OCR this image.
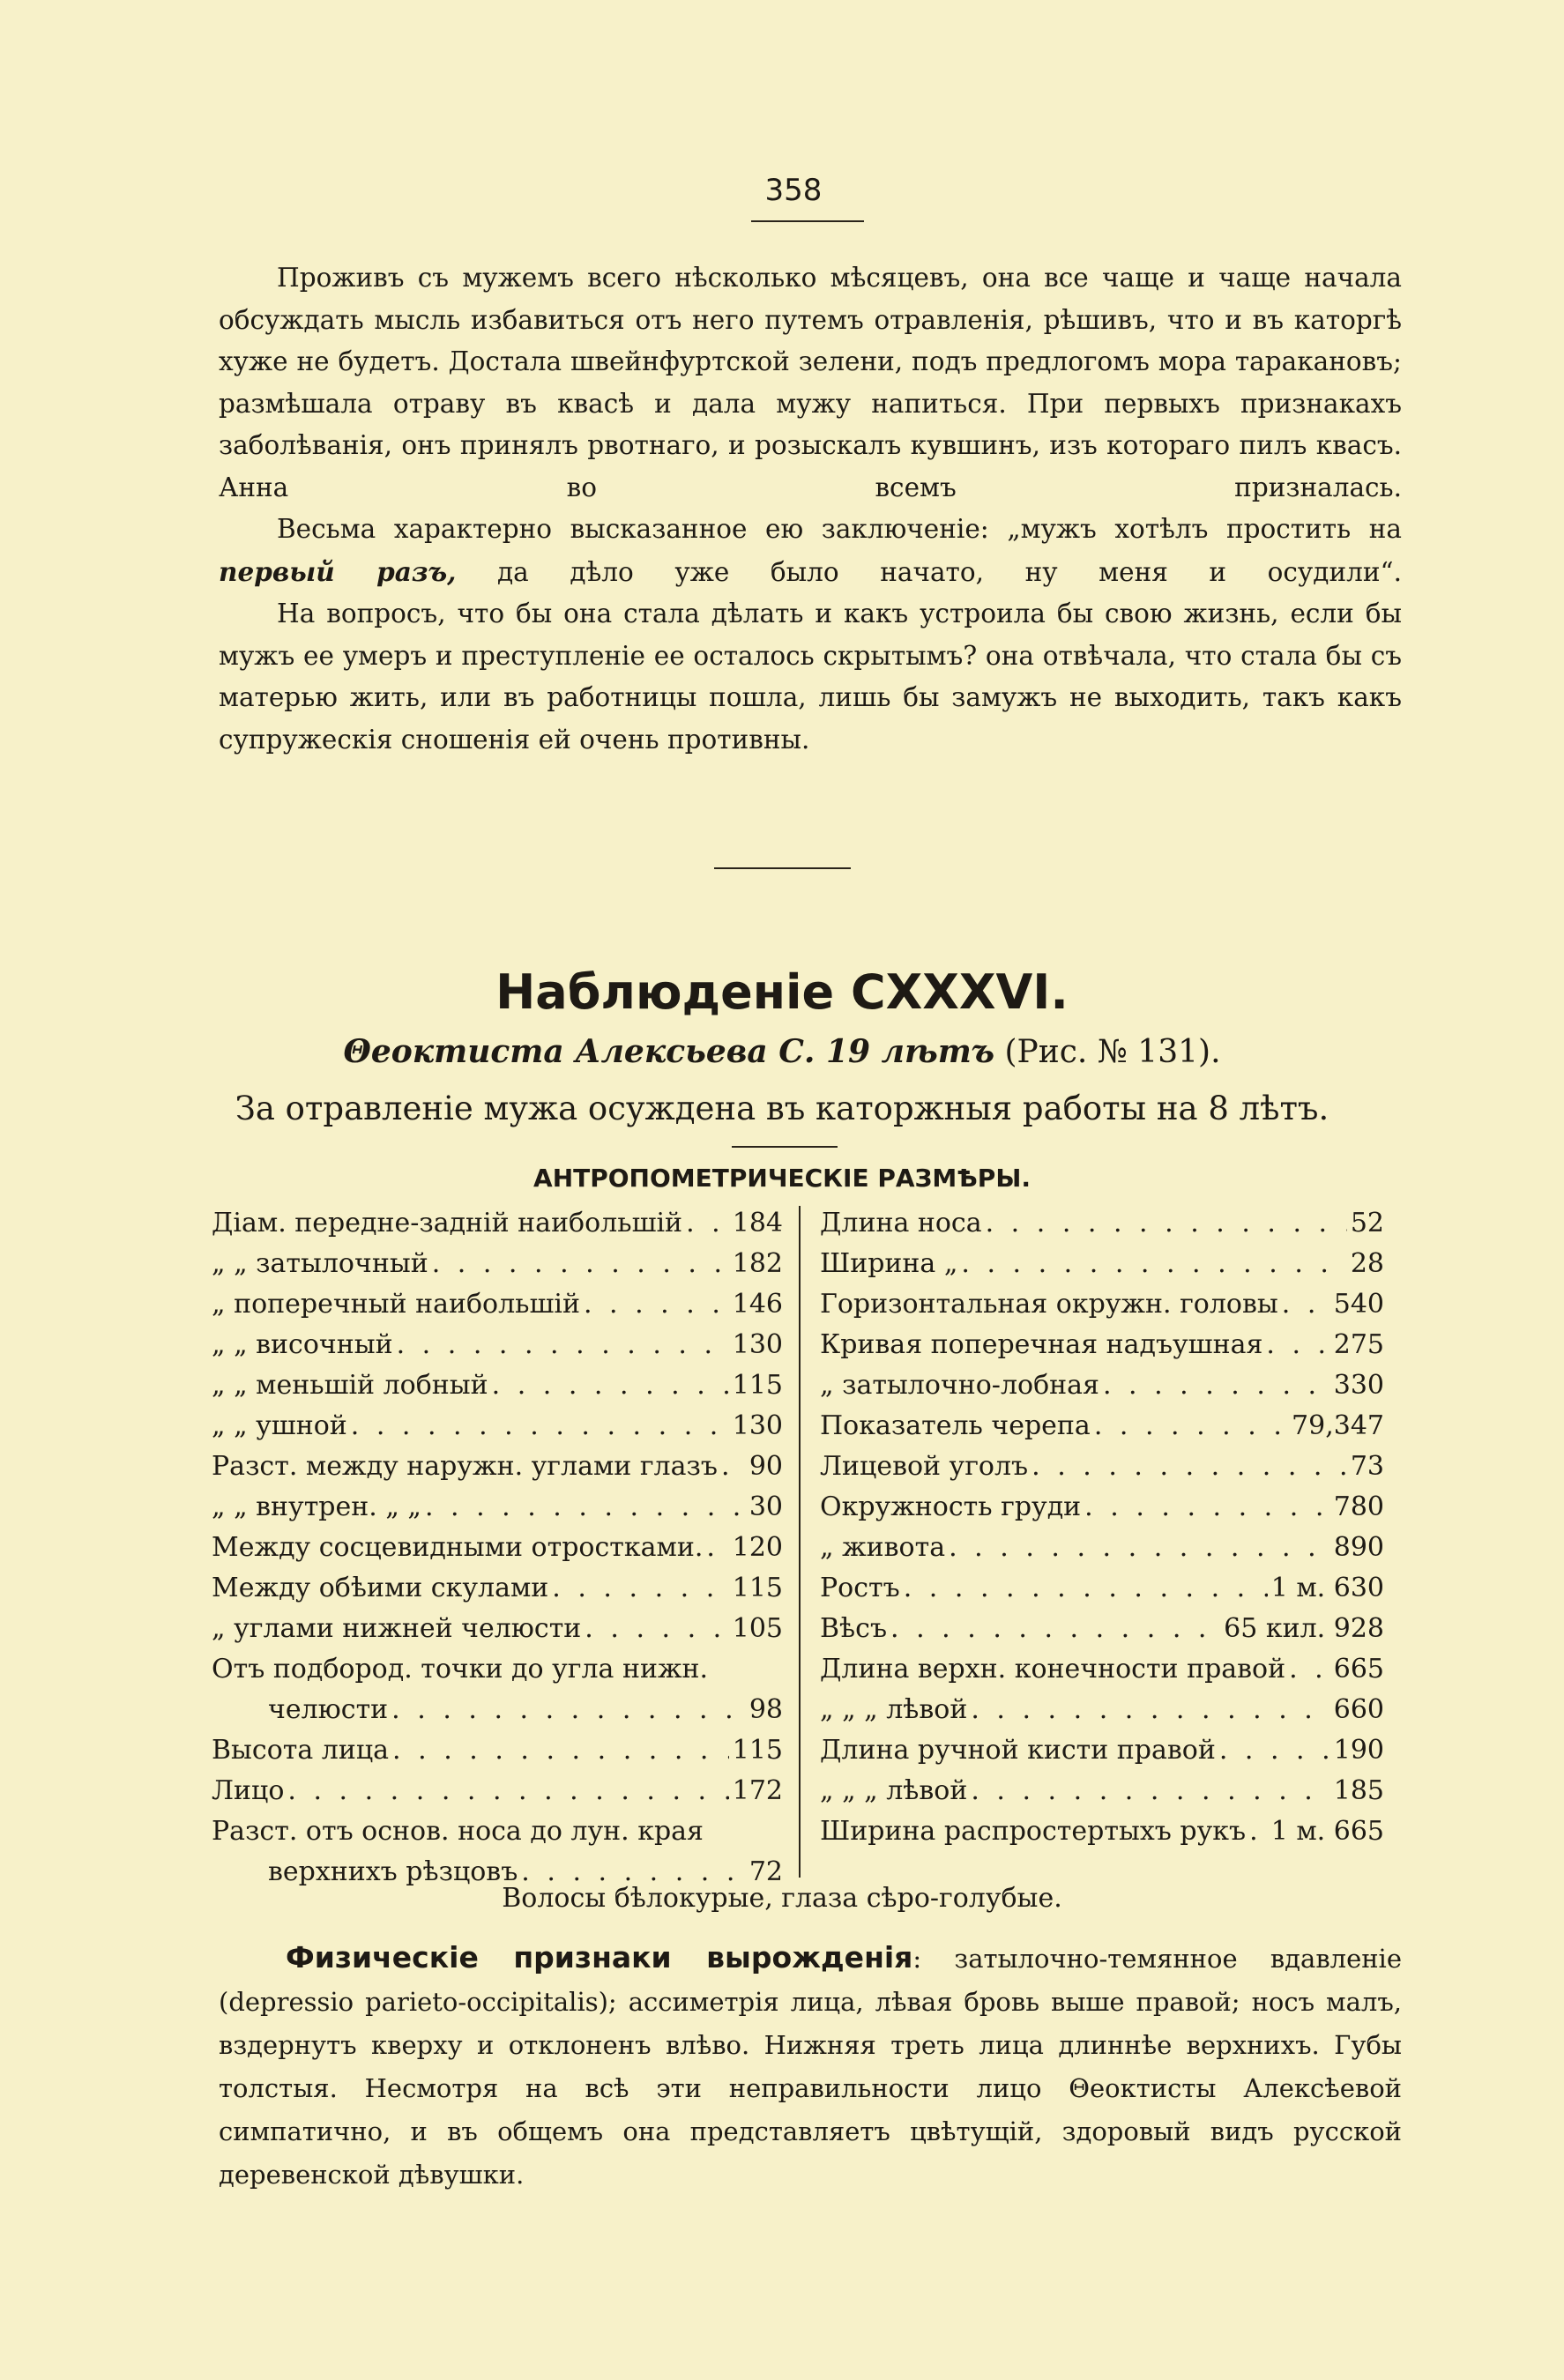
358

Проживъ съ мужемъ всего нѣсколько мѣсяцевъ, она все чаще и чаще начала обсуждать мысль избавиться отъ него путемъ отравленія, рѣшивъ, что и въ каторгѣ хуже не будетъ. Достала швейнфуртской зелени, подъ предлогомъ мора таракановъ; размѣшала отраву въ квасѣ и дала мужу напиться. При первыхъ признакахъ заболѣванія, онъ принялъ рвотнаго, и розыскалъ кувшинъ, изъ котораго пилъ квасъ. Анна во всемъ призналась.

Весьма характерно высказанное ею заключеніе: „мужъ хотѣлъ простить на первый разъ, да дѣло уже было начато, ну меня и осудили“.

На вопросъ, что бы она стала дѣлать и какъ устроила бы свою жизнь, если бы мужъ ее умеръ и преступленіе ее осталось скрытымъ? она отвѣчала, что стала бы съ матерью жить, или въ работницы пошла, лишь бы замужъ не выходить, такъ какъ супружескія сношенія ей очень противны.

Наблюденіе CXXXVI.
Θеоктиста Алексьева С. 19 лѣтъ (Рис. № 131).
За отравленіе мужа осуждена въ каторжныя работы на 8 лѣтъ.
АНТРОПОМЕТРИЧЕСКІЕ РАЗМѢРЫ.
Діам. передне-задній наибольшій . . . 184
„ „ затылочный . . .	182
„ поперечный наибольшій . . .	146
„ „ височный . . .	130
„ „ меньшій лобный . . .	115
„ „ ушной . . .	130
Разст. между наружн. углами глазъ . . . 90
„ „ внутрен. „ „ . . .	30
Между сосцевидными отростками. . . . 120
Между обѣими скулами . . .	115
„ углами нижней челюсти . . .	105
Отъ подбород. точки до угла нижн.
челюсти . . .	98
Высота лица . . .	115
Лицо . . .	172
Разст. отъ основ. носа до лун. края
верхнихъ рѣзцовъ . . .	72
Длина носа . . .	52
Ширина „ . . .	28
Горизонтальная окружн. головы . . . 540
Кривая поперечная надъушная . . .	275
„ затылочно-лобная . . .	330
Показатель черепа . . .	79,347
Лицевой уголъ . . .	73
Окружность груди . . .	780
„ живота . . .	890
Ростъ . . .	1 м. 630
Вѣсъ . . .	65 кил. 928
Длина верхн. конечности правой . . . 665
„ „ „ лѣвой . . .	660
Длина ручной кисти правой . . .	190
„ „ „ лѣвой . . .	185
Ширина распростертыхъ рукъ . . . 1 м. 665
Волосы бѣлокурые, глаза сѣро-голубые.
Физическіе признаки вырожденія: затылочно-темянное вдавленіе (depressio parieto-occipitalis); ассиметрія лица, лѣвая бровь выше правой; носъ малъ, вздернутъ кверху и отклоненъ влѣво. Нижняя треть лица длиннѣе верхнихъ. Губы толстыя. Несмотря на всѣ эти неправильности лицо Θеоктисты Алексѣевой симпатично, и въ общемъ она представляетъ цвѣтущій, здоровый видъ русской деревенской дѣвушки.
